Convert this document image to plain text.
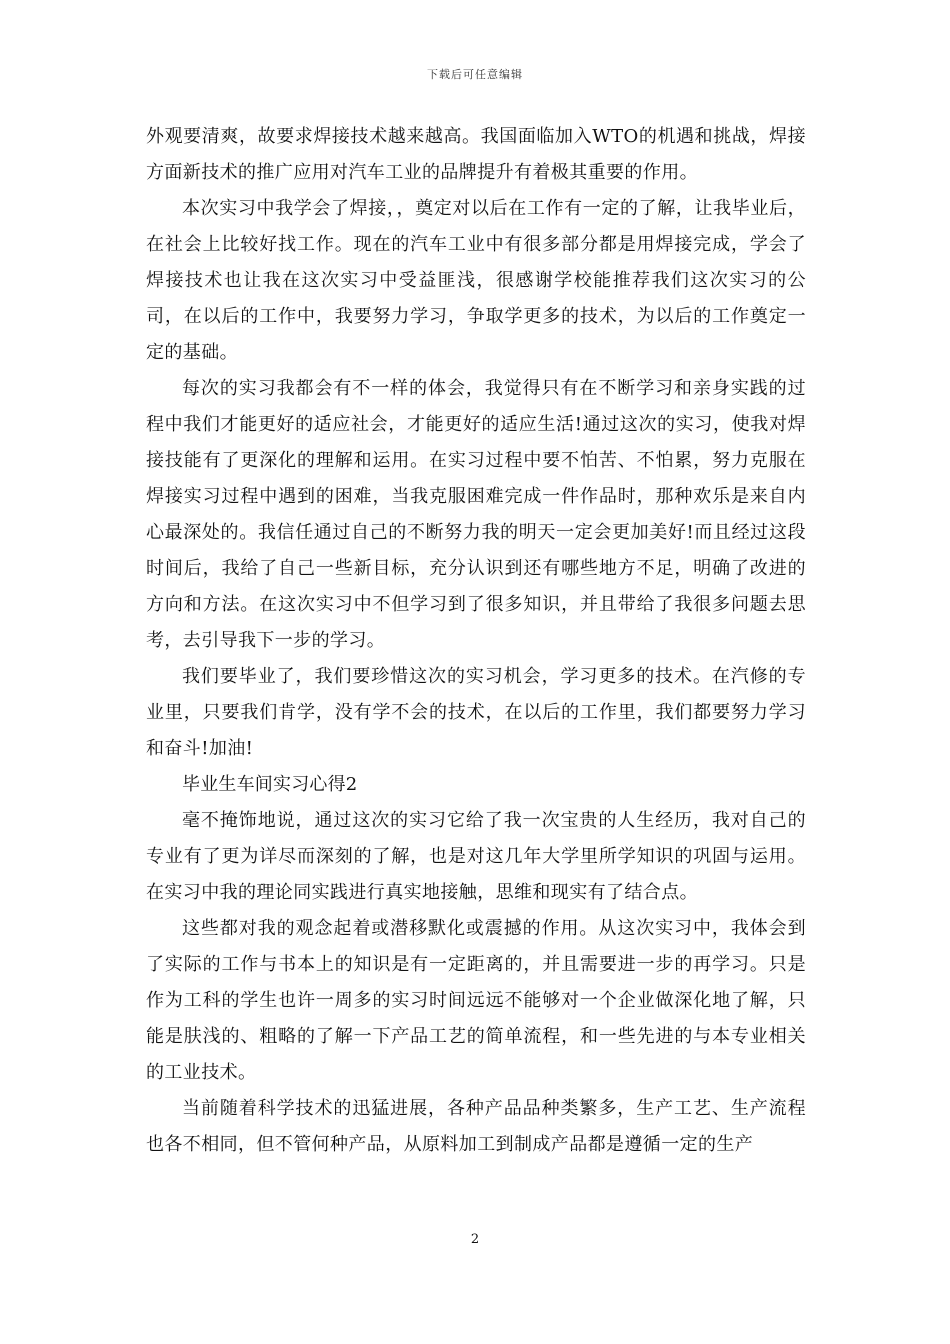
下载后可任意编辑

外观要清爽，故要求焊接技术越来越高。我国面临加入WTO的机遇和挑战，焊接方面新技术的推广应用对汽车工业的品牌提升有着极其重要的作用。

本次实习中我学会了焊接，，奠定对以后在工作有一定的了解，让我毕业后，在社会上比较好找工作。现在的汽车工业中有很多部分都是用焊接完成，学会了焊接技术也让我在这次实习中受益匪浅，很感谢学校能推荐我们这次实习的公司，在以后的工作中，我要努力学习，争取学更多的技术，为以后的工作奠定一定的基础。

每次的实习我都会有不一样的体会，我觉得只有在不断学习和亲身实践的过程中我们才能更好的适应社会，才能更好的适应生活!通过这次的实习，使我对焊接技能有了更深化的理解和运用。在实习过程中要不怕苦、不怕累，努力克服在焊接实习过程中遇到的困难，当我克服困难完成一件作品时，那种欢乐是来自内心最深处的。我信任通过自己的不断努力我的明天一定会更加美好!而且经过这段时间后，我给了自己一些新目标，充分认识到还有哪些地方不足，明确了改进的方向和方法。在这次实习中不但学习到了很多知识，并且带给了我很多问题去思考，去引导我下一步的学习。

我们要毕业了，我们要珍惜这次的实习机会，学习更多的技术。在汽修的专业里，只要我们肯学，没有学不会的技术，在以后的工作里，我们都要努力学习和奋斗!加油!

毕业生车间实习心得2

毫不掩饰地说，通过这次的实习它给了我一次宝贵的人生经历，我对自己的专业有了更为详尽而深刻的了解，也是对这几年大学里所学知识的巩固与运用。在实习中我的理论同实践进行真实地接触，思维和现实有了结合点。

这些都对我的观念起着或潜移默化或震撼的作用。从这次实习中，我体会到了实际的工作与书本上的知识是有一定距离的，并且需要进一步的再学习。只是作为工科的学生也许一周多的实习时间远远不能够对一个企业做深化地了解，只能是肤浅的、粗略的了解一下产品工艺的简单流程，和一些先进的与本专业相关的工业技术。

当前随着科学技术的迅猛进展，各种产品品种类繁多，生产工艺、生产流程也各不相同，但不管何种产品，从原料加工到制成产品都是遵循一定的生产

2
